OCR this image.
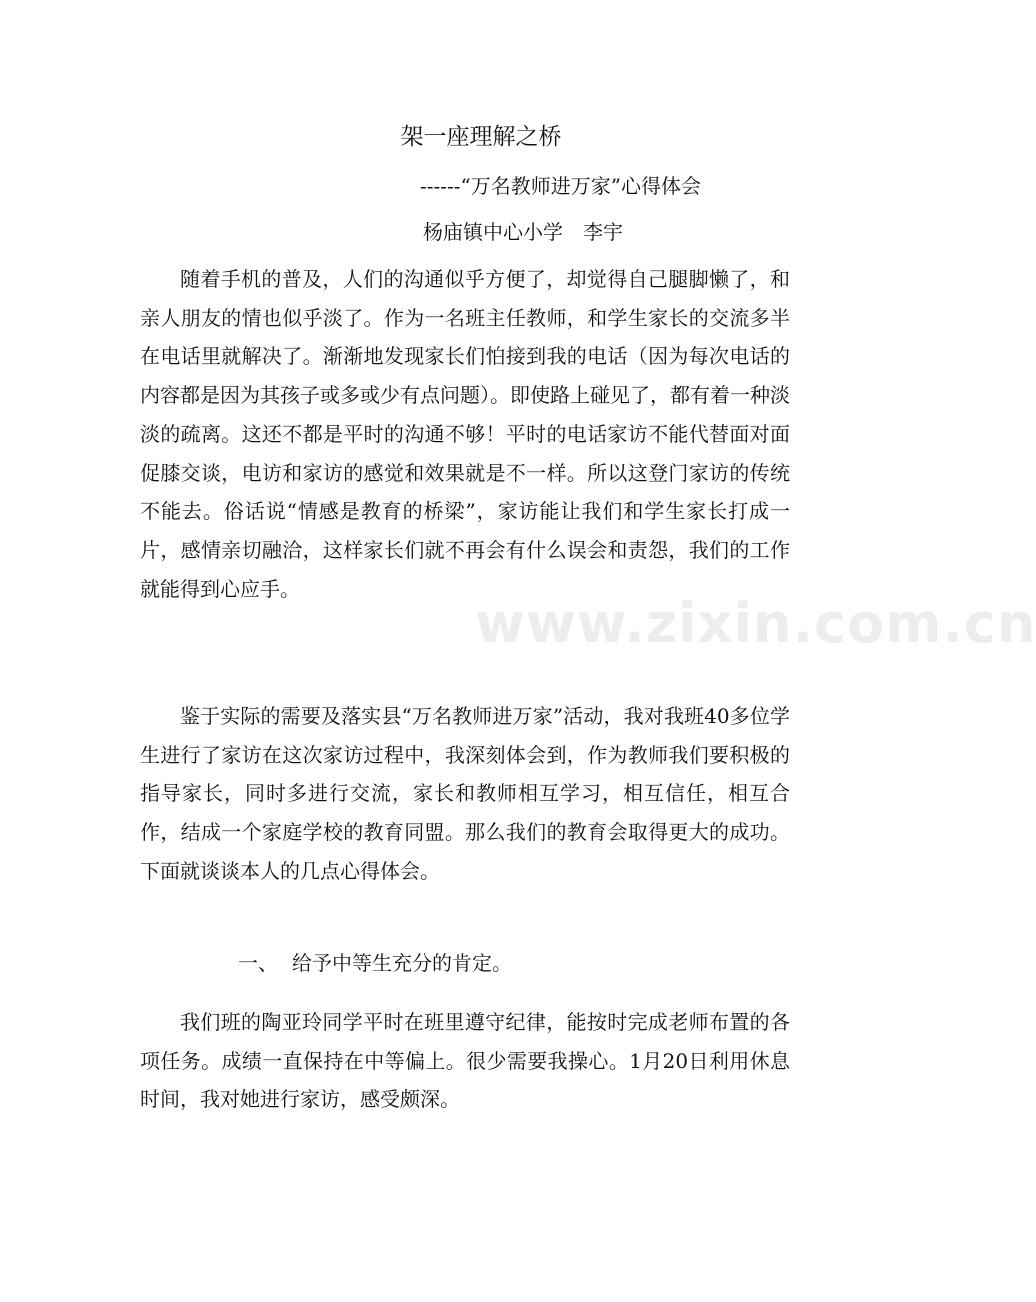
www.zixin.com.cn
架一座理解之桥
------“万名教师进万家”心得体会
杨庙镇中心小学　李宇

随着手机的普及，人们的沟通似乎方便了，却觉得自己腿脚懒了，和亲人朋友的情也似乎淡了。作为一名班主任教师，和学生家长的交流多半在电话里就解决了。渐渐地发现家长们怕接到我的电话（因为每次电话的内容都是因为其孩子或多或少有点问题）。即使路上碰见了，都有着一种淡淡的疏离。这还不都是平时的沟通不够！平时的电话家访不能代替面对面促膝交谈，电访和家访的感觉和效果就是不一样。所以这登门家访的传统不能去。俗话说“情感是教育的桥梁”，家访能让我们和学生家长打成一片，感情亲切融洽，这样家长们就不再会有什么误会和责怨，我们的工作就能得到心应手。

鉴于实际的需要及落实县“万名教师进万家”活动，我对我班40多位学生进行了家访在这次家访过程中，我深刻体会到，作为教师我们要积极的指导家长，同时多进行交流，家长和教师相互学习，相互信任，相互合作，结成一个家庭学校的教育同盟。那么我们的教育会取得更大的成功。下面就谈谈本人的几点心得体会。

一、 给予中等生充分的肯定。

我们班的陶亚玲同学平时在班里遵守纪律，能按时完成老师布置的各项任务。成绩一直保持在中等偏上。很少需要我操心。1月20日利用休息时间，我对她进行家访，感受颇深。
